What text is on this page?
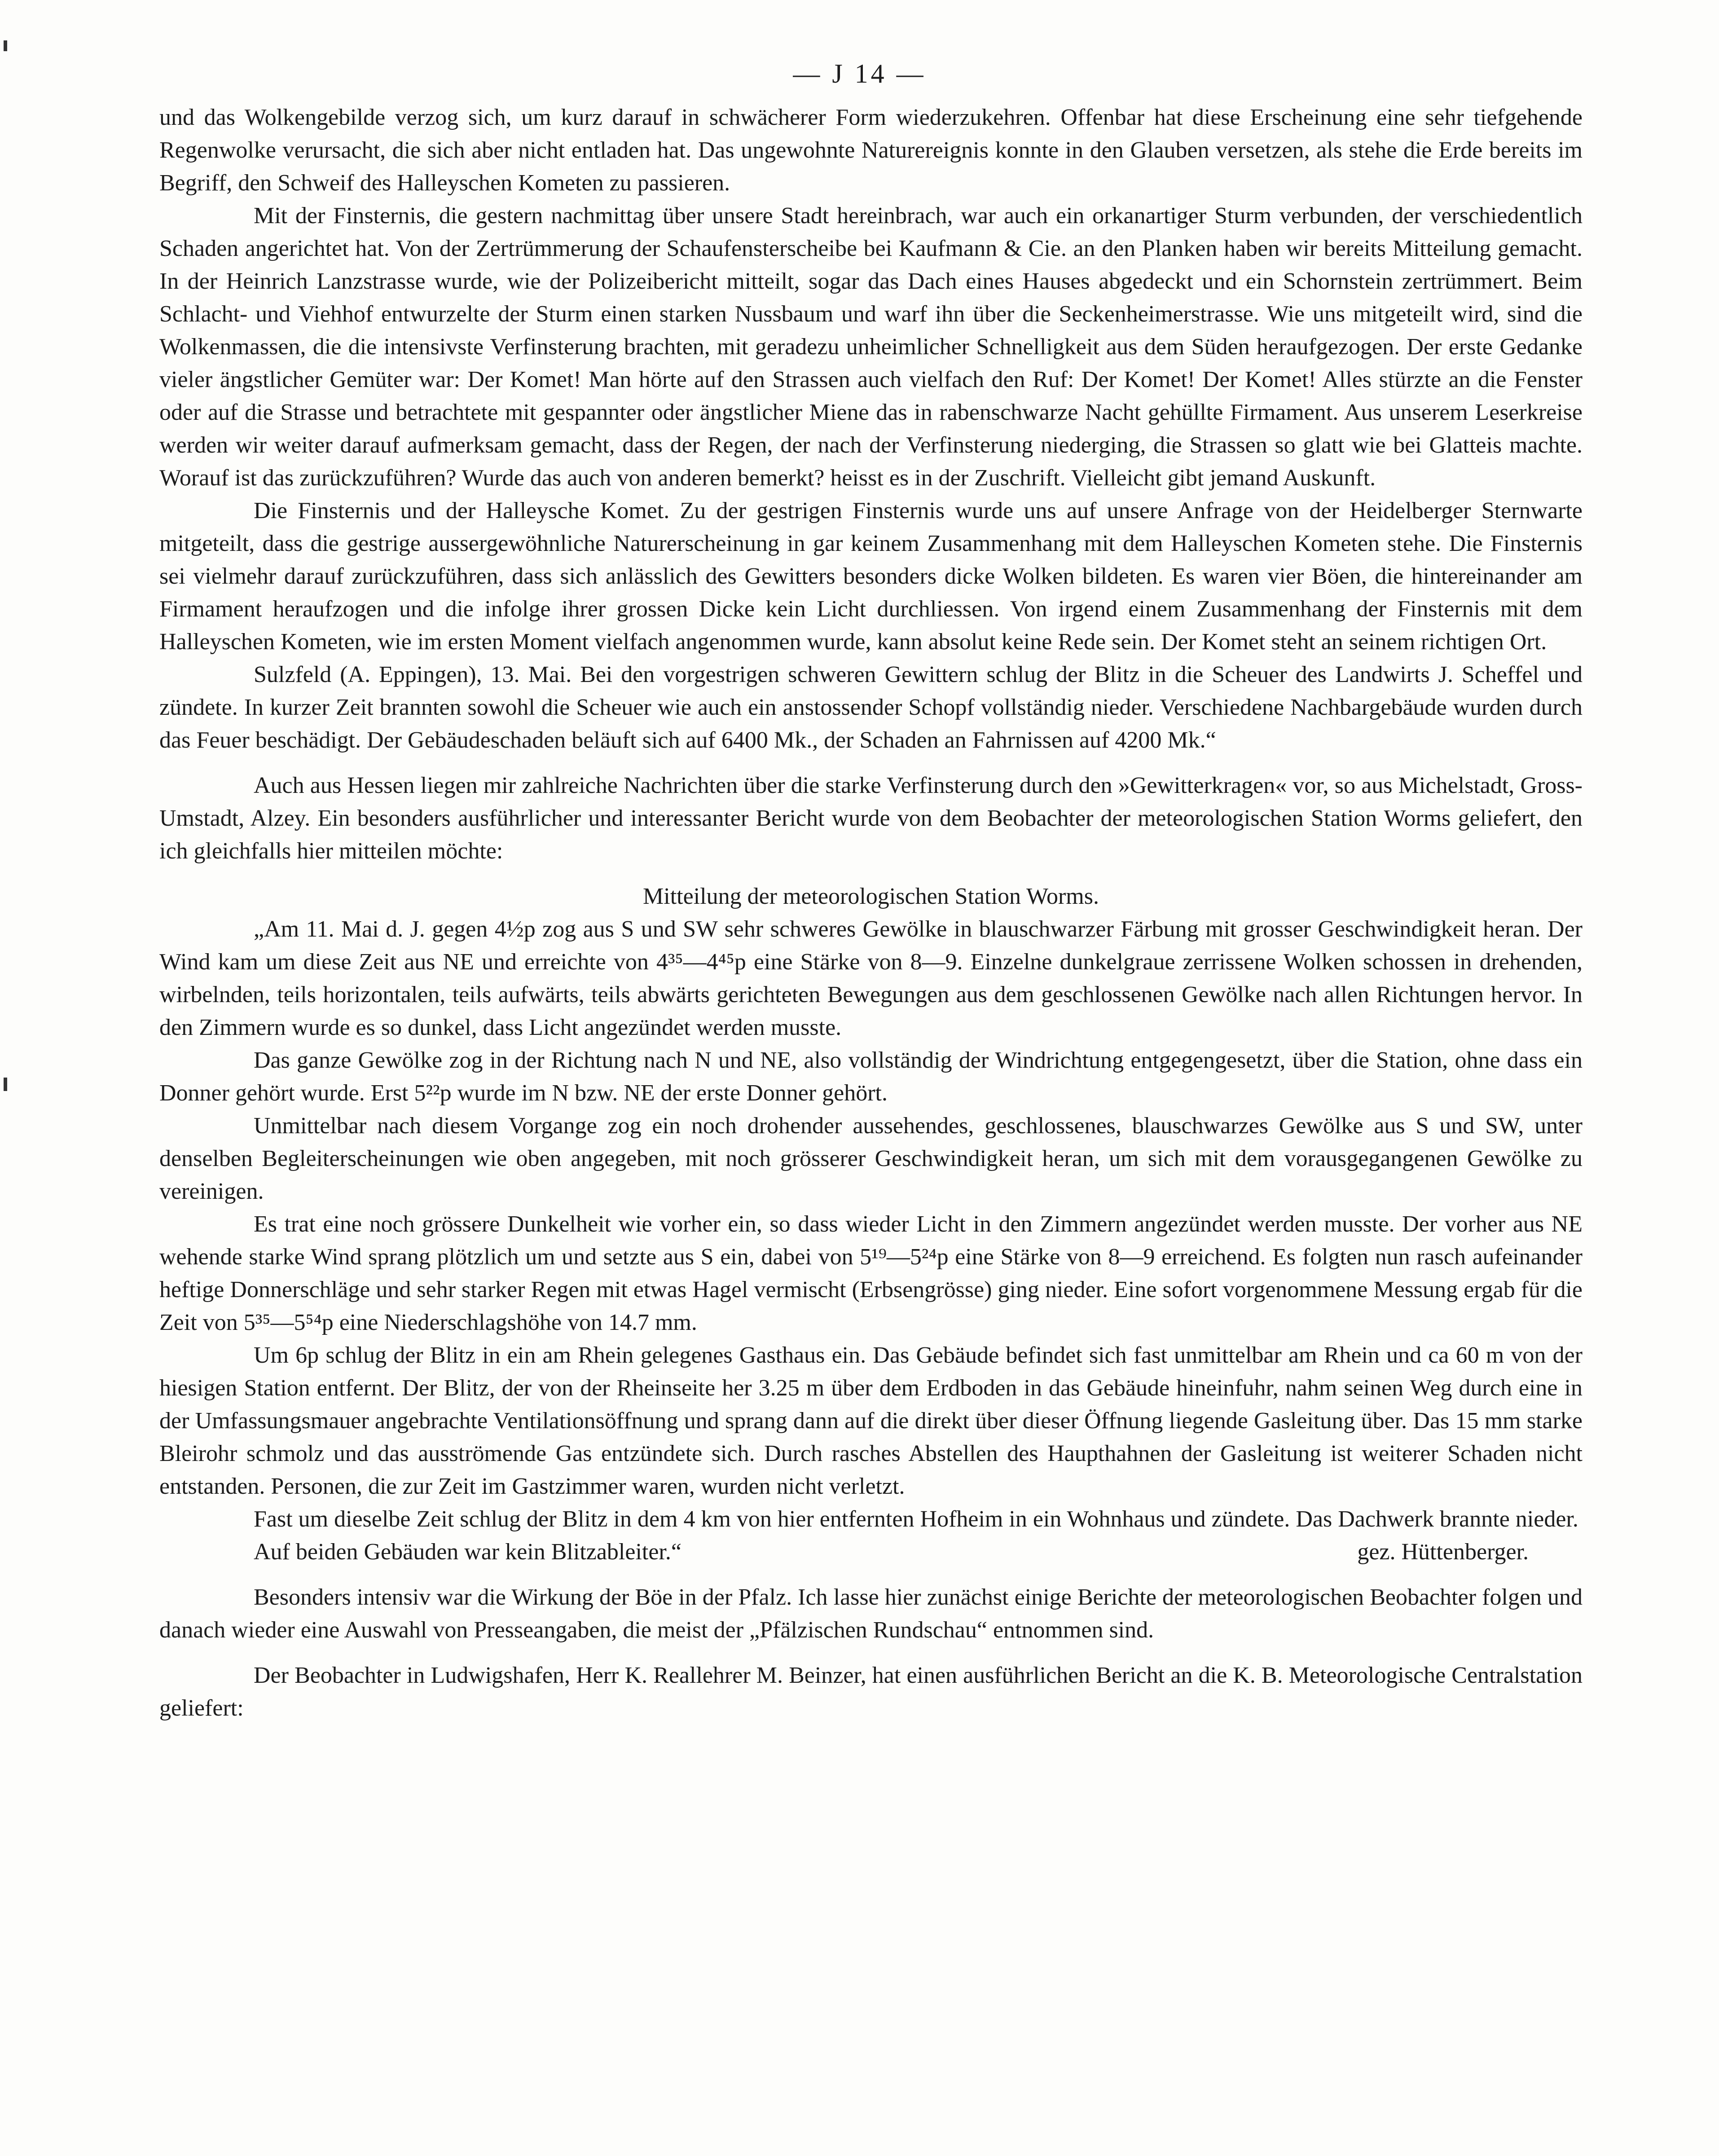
— J 14 —

und das Wolkengebilde verzog sich, um kurz darauf in schwächerer Form wiederzukehren. Offenbar hat diese Erscheinung eine sehr tiefgehende Regenwolke verursacht, die sich aber nicht entladen hat. Das ungewohnte Naturereignis konnte in den Glauben versetzen, als stehe die Erde bereits im Begriff, den Schweif des Halleyschen Kometen zu passieren.

Mit der Finsternis, die gestern nachmittag über unsere Stadt hereinbrach, war auch ein orkanartiger Sturm verbunden, der verschiedentlich Schaden angerichtet hat. Von der Zertrümmerung der Schaufensterscheibe bei Kaufmann & Cie. an den Planken haben wir bereits Mitteilung gemacht. In der Heinrich Lanzstrasse wurde, wie der Polizeibericht mitteilt, sogar das Dach eines Hauses abgedeckt und ein Schornstein zertrümmert. Beim Schlacht- und Viehhof entwurzelte der Sturm einen starken Nussbaum und warf ihn über die Seckenheimerstrasse. Wie uns mitgeteilt wird, sind die Wolkenmassen, die die intensivste Verfinsterung brachten, mit geradezu unheimlicher Schnelligkeit aus dem Süden heraufgezogen. Der erste Gedanke vieler ängstlicher Gemüter war: Der Komet! Man hörte auf den Strassen auch vielfach den Ruf: Der Komet! Der Komet! Alles stürzte an die Fenster oder auf die Strasse und betrachtete mit gespannter oder ängstlicher Miene das in rabenschwarze Nacht gehüllte Firmament. Aus unserem Leserkreise werden wir weiter darauf aufmerksam gemacht, dass der Regen, der nach der Verfinsterung niederging, die Strassen so glatt wie bei Glatteis machte. Worauf ist das zurückzuführen? Wurde das auch von anderen bemerkt? heisst es in der Zuschrift. Vielleicht gibt jemand Auskunft.

Die Finsternis und der Halleysche Komet. Zu der gestrigen Finsternis wurde uns auf unsere Anfrage von der Heidelberger Sternwarte mitgeteilt, dass die gestrige aussergewöhnliche Naturerscheinung in gar keinem Zusammenhang mit dem Halleyschen Kometen stehe. Die Finsternis sei vielmehr darauf zurückzuführen, dass sich anlässlich des Gewitters besonders dicke Wolken bildeten. Es waren vier Böen, die hintereinander am Firmament heraufzogen und die infolge ihrer grossen Dicke kein Licht durchliessen. Von irgend einem Zusammenhang der Finsternis mit dem Halleyschen Kometen, wie im ersten Moment vielfach angenommen wurde, kann absolut keine Rede sein. Der Komet steht an seinem richtigen Ort.

Sulzfeld (A. Eppingen), 13. Mai. Bei den vorgestrigen schweren Gewittern schlug der Blitz in die Scheuer des Landwirts J. Scheffel und zündete. In kurzer Zeit brannten sowohl die Scheuer wie auch ein anstossender Schopf vollständig nieder. Verschiedene Nachbargebäude wurden durch das Feuer beschädigt. Der Gebäudeschaden beläuft sich auf 6400 Mk., der Schaden an Fahrnissen auf 4200 Mk.“

Auch aus Hessen liegen mir zahlreiche Nachrichten über die starke Verfinsterung durch den »Gewitterkragen« vor, so aus Michelstadt, Gross-Umstadt, Alzey. Ein besonders ausführlicher und interessanter Bericht wurde von dem Beobachter der meteorologischen Station Worms geliefert, den ich gleichfalls hier mitteilen möchte:

Mitteilung der meteorologischen Station Worms.

„Am 11. Mai d. J. gegen 4½p zog aus S und SW sehr schweres Gewölke in blauschwarzer Färbung mit grosser Geschwindigkeit heran. Der Wind kam um diese Zeit aus NE und erreichte von 4³⁵—4⁴⁵p eine Stärke von 8—9. Einzelne dunkelgraue zerrissene Wolken schossen in drehenden, wirbelnden, teils horizontalen, teils aufwärts, teils abwärts gerichteten Bewegungen aus dem geschlossenen Gewölke nach allen Richtungen hervor. In den Zimmern wurde es so dunkel, dass Licht angezündet werden musste.

Das ganze Gewölke zog in der Richtung nach N und NE, also vollständig der Windrichtung entgegengesetzt, über die Station, ohne dass ein Donner gehört wurde. Erst 5²²p wurde im N bzw. NE der erste Donner gehört.

Unmittelbar nach diesem Vorgange zog ein noch drohender aussehendes, geschlossenes, blauschwarzes Gewölke aus S und SW, unter denselben Begleiterscheinungen wie oben angegeben, mit noch grösserer Geschwindigkeit heran, um sich mit dem vorausgegangenen Gewölke zu vereinigen.

Es trat eine noch grössere Dunkelheit wie vorher ein, so dass wieder Licht in den Zimmern angezündet werden musste. Der vorher aus NE wehende starke Wind sprang plötzlich um und setzte aus S ein, dabei von 5¹⁹—5²⁴p eine Stärke von 8—9 erreichend. Es folgten nun rasch aufeinander heftige Donnerschläge und sehr starker Regen mit etwas Hagel vermischt (Erbsengrösse) ging nieder. Eine sofort vorgenommene Messung ergab für die Zeit von 5³⁵—5⁵⁴p eine Niederschlagshöhe von 14.7 mm.

Um 6p schlug der Blitz in ein am Rhein gelegenes Gasthaus ein. Das Gebäude befindet sich fast unmittelbar am Rhein und ca 60 m von der hiesigen Station entfernt. Der Blitz, der von der Rheinseite her 3.25 m über dem Erdboden in das Gebäude hineinfuhr, nahm seinen Weg durch eine in der Umfassungsmauer angebrachte Ventilationsöffnung und sprang dann auf die direkt über dieser Öffnung liegende Gasleitung über. Das 15 mm starke Bleirohr schmolz und das ausströmende Gas entzündete sich. Durch rasches Abstellen des Haupthahnen der Gasleitung ist weiterer Schaden nicht entstanden. Personen, die zur Zeit im Gastzimmer waren, wurden nicht verletzt.

Fast um dieselbe Zeit schlug der Blitz in dem 4 km von hier entfernten Hofheim in ein Wohnhaus und zündete. Das Dachwerk brannte nieder.

Auf beiden Gebäuden war kein Blitzableiter.“	gez. Hüttenberger.

Besonders intensiv war die Wirkung der Böe in der Pfalz. Ich lasse hier zunächst einige Berichte der meteorologischen Beobachter folgen und danach wieder eine Auswahl von Presseangaben, die meist der „Pfälzischen Rundschau“ entnommen sind.

Der Beobachter in Ludwigshafen, Herr K. Reallehrer M. Beinzer, hat einen ausführlichen Bericht an die K. B. Meteorologische Centralstation geliefert:
